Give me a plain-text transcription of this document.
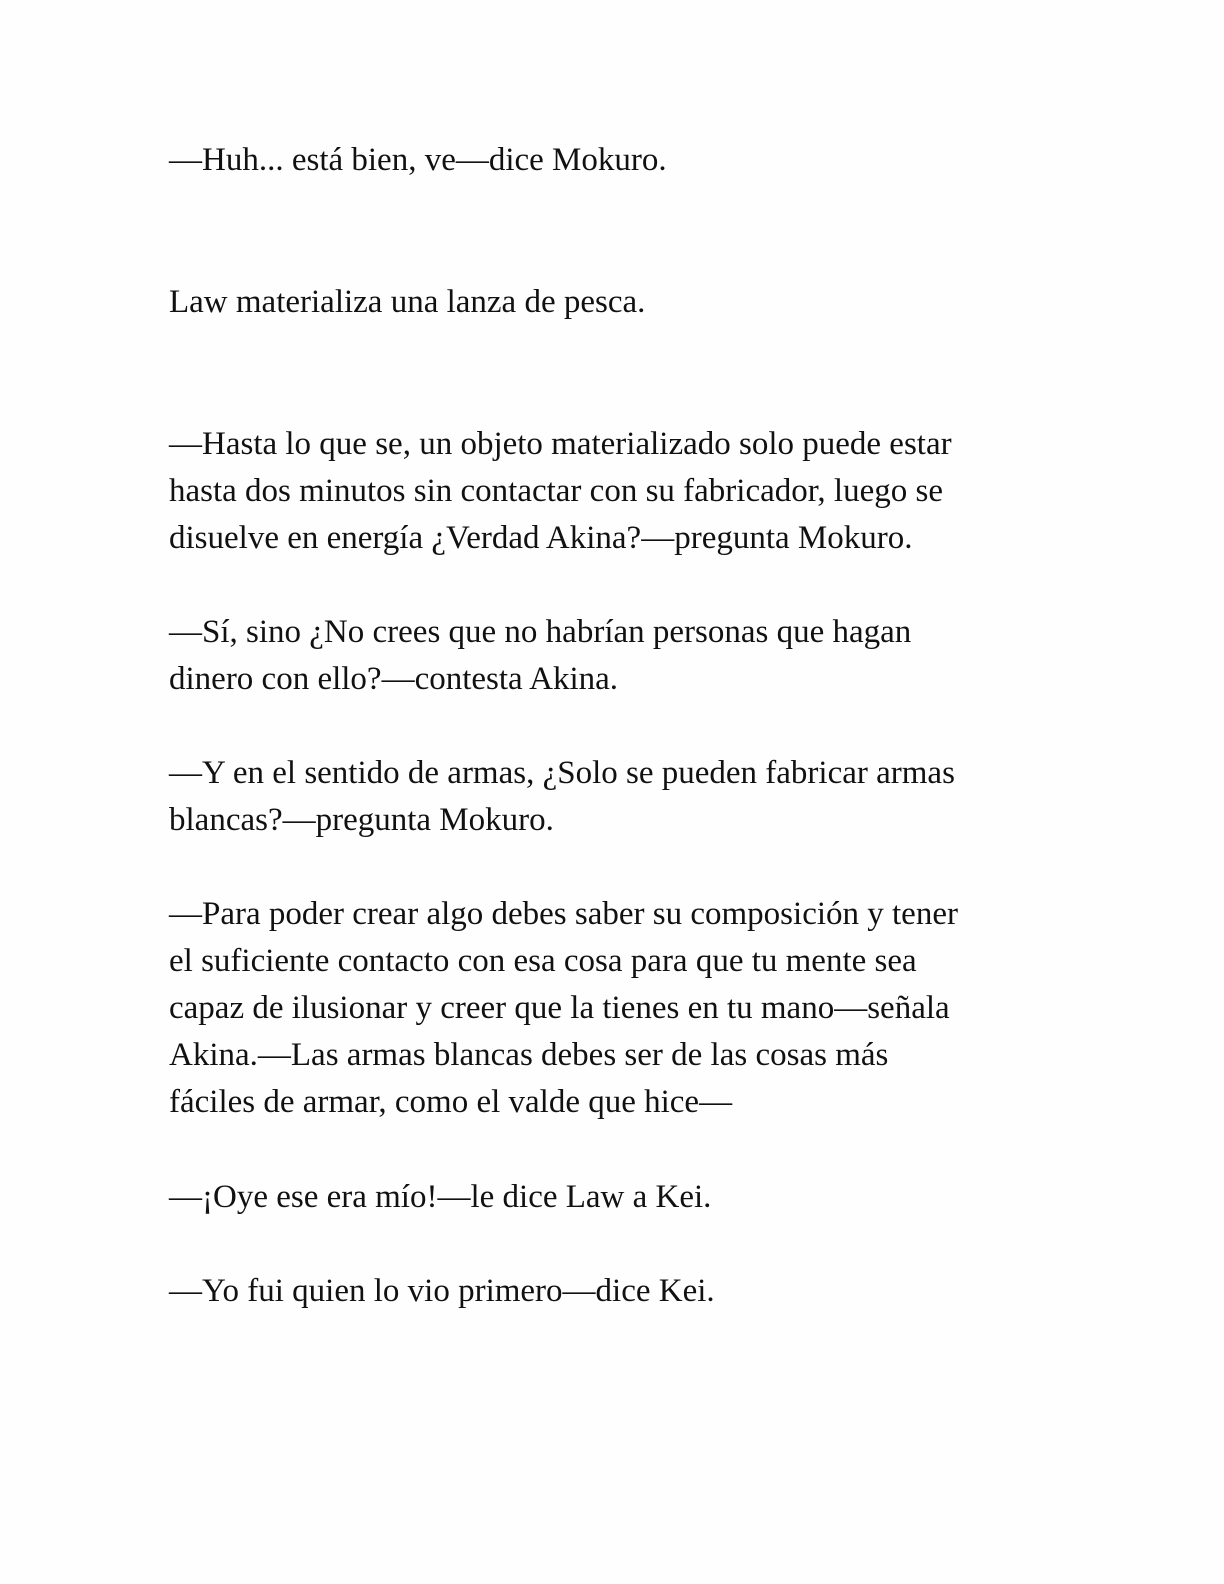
—Huh... está bien, ve—dice Mokuro.

Law materializa una lanza de pesca.

—Hasta lo que se, un objeto materializado solo puede estar
hasta dos minutos sin contactar con su fabricador, luego se
disuelve en energía ¿Verdad Akina?—pregunta Mokuro.

—Sí, sino ¿No crees que no habrían personas que hagan
dinero con ello?—contesta Akina.

—Y en el sentido de armas, ¿Solo se pueden fabricar armas
blancas?—pregunta Mokuro.

—Para poder crear algo debes saber su composición y tener
el suficiente contacto con esa cosa para que tu mente sea
capaz de ilusionar y creer que la tienes en tu mano—señala
Akina.—Las armas blancas debes ser de las cosas más
fáciles de armar, como el valde que hice—

—¡Oye ese era mío!—le dice Law a Kei.

—Yo fui quien lo vio primero—dice Kei.
